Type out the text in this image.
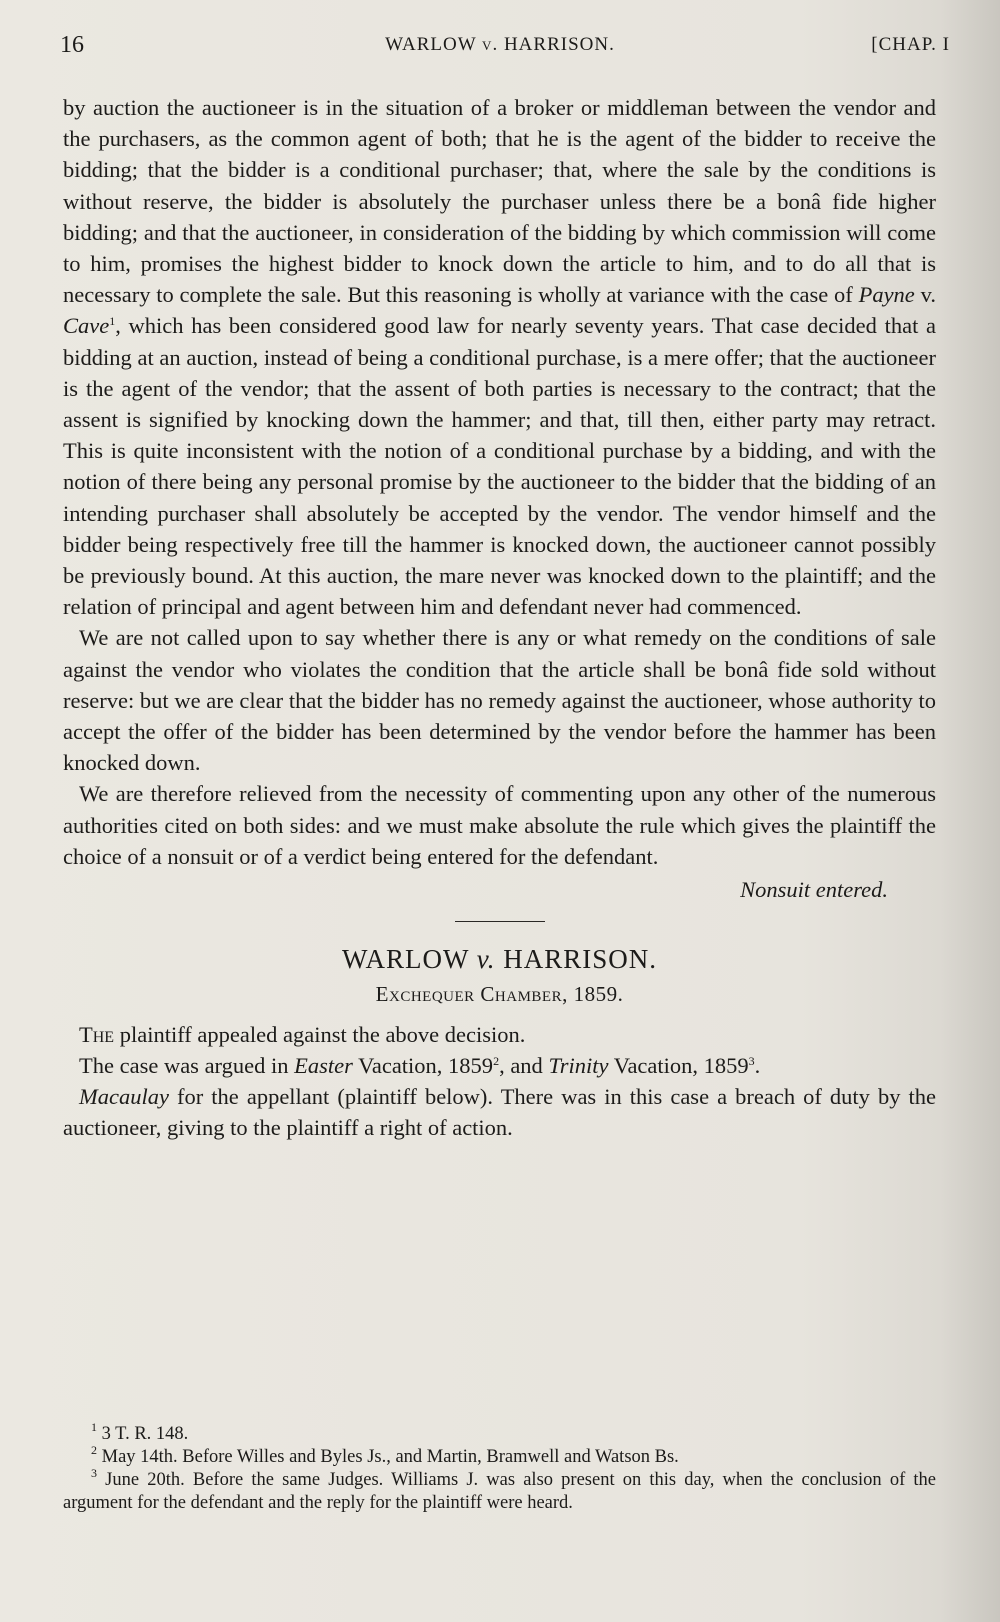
16	WARLOW v. HARRISON.	[CHAP. I

by auction the auctioneer is in the situation of a broker or middleman between the vendor and the purchasers, as the common agent of both; that he is the agent of the bidder to receive the bidding; that the bidder is a conditional purchaser; that, where the sale by the conditions is without reserve, the bidder is absolutely the purchaser unless there be a bonâ fide higher bidding; and that the auctioneer, in consideration of the bidding by which commission will come to him, promises the highest bidder to knock down the article to him, and to do all that is necessary to complete the sale. But this reasoning is wholly at variance with the case of Payne v. Cave$^1$, which has been considered good law for nearly seventy years. That case decided that a bidding at an auction, instead of being a conditional purchase, is a mere offer; that the auctioneer is the agent of the vendor; that the assent of both parties is necessary to the contract; that the assent is signified by knocking down the hammer; and that, till then, either party may retract. This is quite inconsistent with the notion of a conditional purchase by a bidding, and with the notion of there being any personal promise by the auctioneer to the bidder that the bidding of an intending purchaser shall absolutely be accepted by the vendor. The vendor himself and the bidder being respectively free till the hammer is knocked down, the auctioneer cannot possibly be previously bound. At this auction, the mare never was knocked down to the plaintiff; and the relation of principal and agent between him and defendant never had commenced.

We are not called upon to say whether there is any or what remedy on the conditions of sale against the vendor who violates the condition that the article shall be bonâ fide sold without reserve: but we are clear that the bidder has no remedy against the auctioneer, whose authority to accept the offer of the bidder has been determined by the vendor before the hammer has been knocked down.

We are therefore relieved from the necessity of commenting upon any other of the numerous authorities cited on both sides: and we must make absolute the rule which gives the plaintiff the choice of a nonsuit or of a verdict being entered for the defendant.

Nonsuit entered.

WARLOW v. HARRISON.

Exchequer Chamber, 1859.

The plaintiff appealed against the above decision.

The case was argued in Easter Vacation, 1859$^2$, and Trinity Vacation, 1859$^3$.

Macaulay for the appellant (plaintiff below). There was in this case a breach of duty by the auctioneer, giving to the plaintiff a right of action.

$^1$ 3 T. R. 148.

$^2$ May 14th. Before Willes and Byles Js., and Martin, Bramwell and Watson Bs.

$^3$ June 20th. Before the same Judges. Williams J. was also present on this day, when the conclusion of the argument for the defendant and the reply for the plaintiff were heard.
